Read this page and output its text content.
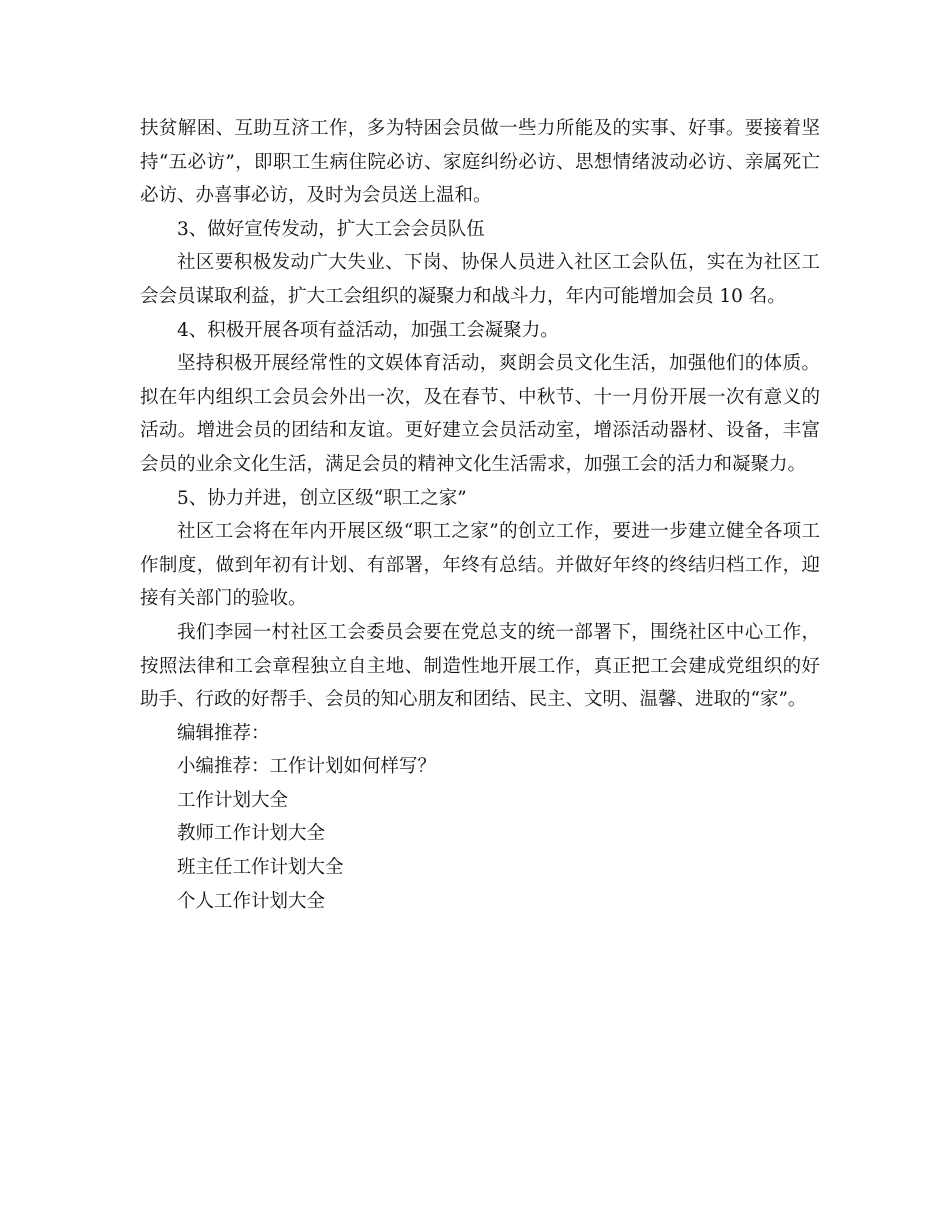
扶贫解困、互助互济工作，多为特困会员做一些力所能及的实事、好事。要接着坚持“五必访”，即职工生病住院必访、家庭纠纷必访、思想情绪波动必访、亲属死亡必访、办喜事必访，及时为会员送上温和。

3、做好宣传发动，扩大工会会员队伍

社区要积极发动广大失业、下岗、协保人员进入社区工会队伍，实在为社区工会会员谋取利益，扩大工会组织的凝聚力和战斗力，年内可能增加会员 10 名。

4、积极开展各项有益活动，加强工会凝聚力。

坚持积极开展经常性的文娱体育活动，爽朗会员文化生活，加强他们的体质。拟在年内组织工会员会外出一次，及在春节、中秋节、十一月份开展一次有意义的活动。增进会员的团结和友谊。更好建立会员活动室，增添活动器材、设备，丰富会员的业余文化生活，满足会员的精神文化生活需求，加强工会的活力和凝聚力。

5、协力并进，创立区级“职工之家”

社区工会将在年内开展区级“职工之家”的创立工作，要进一步建立健全各项工作制度，做到年初有计划、有部署，年终有总结。并做好年终的终结归档工作，迎接有关部门的验收。

我们李园一村社区工会委员会要在党总支的统一部署下，围绕社区中心工作，按照法律和工会章程独立自主地、制造性地开展工作，真正把工会建成党组织的好助手、行政的好帮手、会员的知心朋友和团结、民主、文明、温馨、进取的“家”。

编辑推荐：

小编推荐：工作计划如何样写？

工作计划大全

教师工作计划大全

班主任工作计划大全

个人工作计划大全
